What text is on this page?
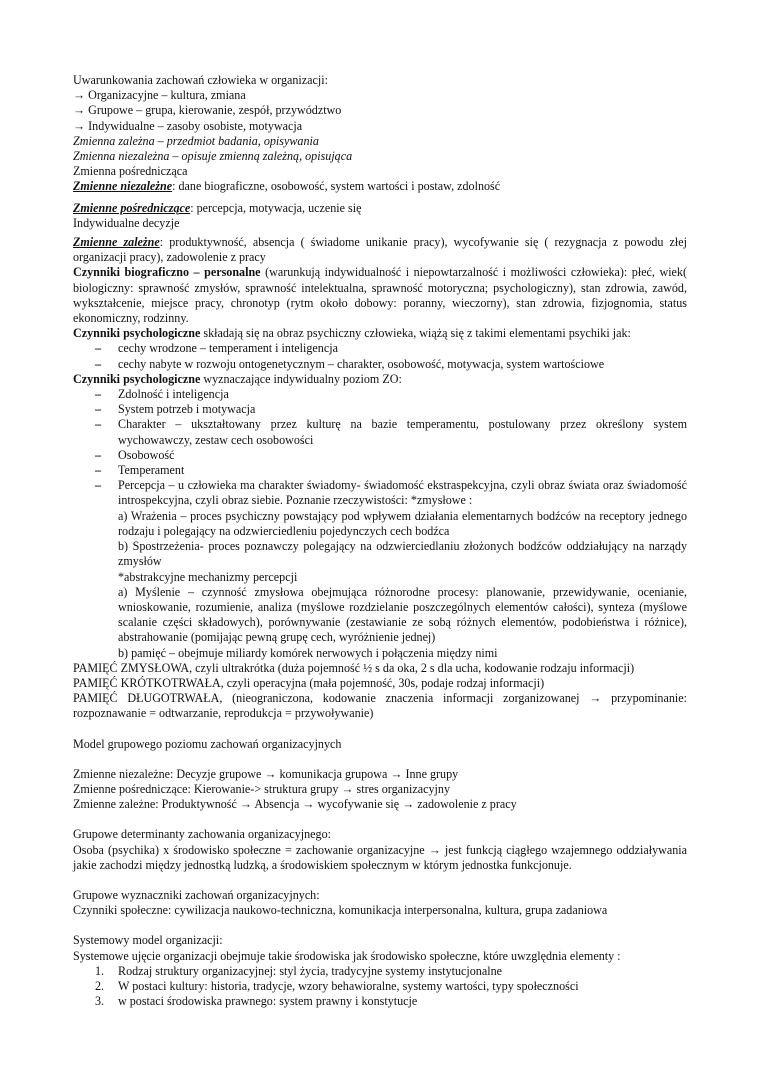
Uwarunkowania zachowań człowieka w organizacji:

→ Organizacyjne – kultura, zmiana

→ Grupowe – grupa, kierowanie, zespół, przywództwo

→ Indywidualne – zasoby osobiste, motywacja

Zmienna zależna – przedmiot badania, opisywania

Zmienna niezależna – opisuje zmienną zależną, opisująca

Zmienna pośrednicząca

Zmienne niezależne: dane biograficzne, osobowość, system wartości i postaw, zdolność

Zmienne pośredniczące: percepcja, motywacja, uczenie się

Indywidualne decyzje

Zmienne zależne: produktywność, absencja ( świadome unikanie pracy), wycofywanie się ( rezygnacja z powodu złej organizacji pracy), zadowolenie z pracy

Czynniki biograficzno – personalne (warunkują indywidualność i niepowtarzalność i możliwości człowieka): płeć, wiek( biologiczny: sprawność zmysłów, sprawność intelektualna, sprawność motoryczna; psychologiczny), stan zdrowia, zawód, wykształcenie, miejsce pracy, chronotyp (rytm około dobowy: poranny, wieczorny), stan zdrowia, fizjognomia, status ekonomiczny, rodzinny.

Czynniki psychologiczne składają się na obraz psychiczny człowieka, wiążą się z takimi elementami psychiki jak:

– cechy wrodzone – temperament i inteligencja
– cechy nabyte w rozwoju ontogenetycznym – charakter, osobowość, motywacja, system wartościowe

Czynniki psychologiczne wyznaczające indywidualny poziom ZO:

– Zdolność i inteligencja
– System potrzeb i motywacja
– Charakter – ukształtowany przez kulturę na bazie temperamentu, postulowany przez określony system wychowawczy, zestaw cech osobowości
– Osobowość
– Temperament

– Percepcja – u człowieka ma charakter świadomy- świadomość ekstraspekcyjna, czyli obraz świata oraz świadomość introspekcyjna, czyli obraz siebie. Poznanie rzeczywistości: *zmysłowe :

a) Wrażenia – proces psychiczny powstający pod wpływem działania elementarnych bodźców na receptory jednego rodzaju i polegający na odzwierciedleniu pojedynczych cech bodźca

b) Spostrzeżenia- proces poznawczy polegający na odzwierciedlaniu złożonych bodźców oddziałujący na narządy zmysłów

*abstrakcyjne mechanizmy percepcji

a) Myślenie – czynność zmysłowa obejmująca różnorodne procesy: planowanie, przewidywanie, ocenianie, wnioskowanie, rozumienie, analiza (myślowe rozdzielanie poszczególnych elementów całości), synteza (myślowe scalanie części składowych), porównywanie (zestawianie ze sobą różnych elementów, podobieństwa i różnice), abstrahowanie (pomijając pewną grupę cech, wyróżnienie jednej)

b) pamięć – obejmuje miliardy komórek nerwowych i połączenia między nimi

PAMIĘĆ ZMYSŁOWA, czyli ultrakrótka (duża pojemność ½ s da oka, 2 s dla ucha, kodowanie rodzaju informacji)

PAMIĘĆ KRÓTKOTRWAŁA, czyli operacyjna (mała pojemność, 30s, podaje rodzaj informacji)

PAMIĘĆ DŁUGOTRWAŁA, (nieograniczona, kodowanie znaczenia informacji zorganizowanej → przypominanie: rozpoznawanie = odtwarzanie, reprodukcja = przywoływanie)

Model grupowego poziomu zachowań organizacyjnych

Zmienne niezależne: Decyzje grupowe → komunikacja grupowa → Inne grupy

Zmienne pośredniczące: Kierowanie-> struktura grupy → stres organizacyjny

Zmienne zależne: Produktywność → Absencja → wycofywanie się → zadowolenie z pracy

Grupowe determinanty zachowania organizacyjnego:

Osoba (psychika) x środowisko społeczne = zachowanie organizacyjne → jest funkcją ciągłego wzajemnego oddziaływania jakie zachodzi między jednostką ludzką, a środowiskiem społecznym w którym jednostka funkcjonuje.

Grupowe wyznaczniki zachowań organizacyjnych:

Czynniki społeczne: cywilizacja naukowo-techniczna, komunikacja interpersonalna, kultura, grupa zadaniowa

Systemowy model organizacji:

Systemowe ujęcie organizacji obejmuje takie środowiska jak środowisko społeczne, które uwzględnia elementy :

1. Rodzaj struktury organizacyjnej: styl życia, tradycyjne systemy instytucjonalne
2. W postaci kultury: historia, tradycje, wzory behawioralne, systemy wartości, typy społeczności
3. w postaci środowiska prawnego: system prawny i konstytucje
